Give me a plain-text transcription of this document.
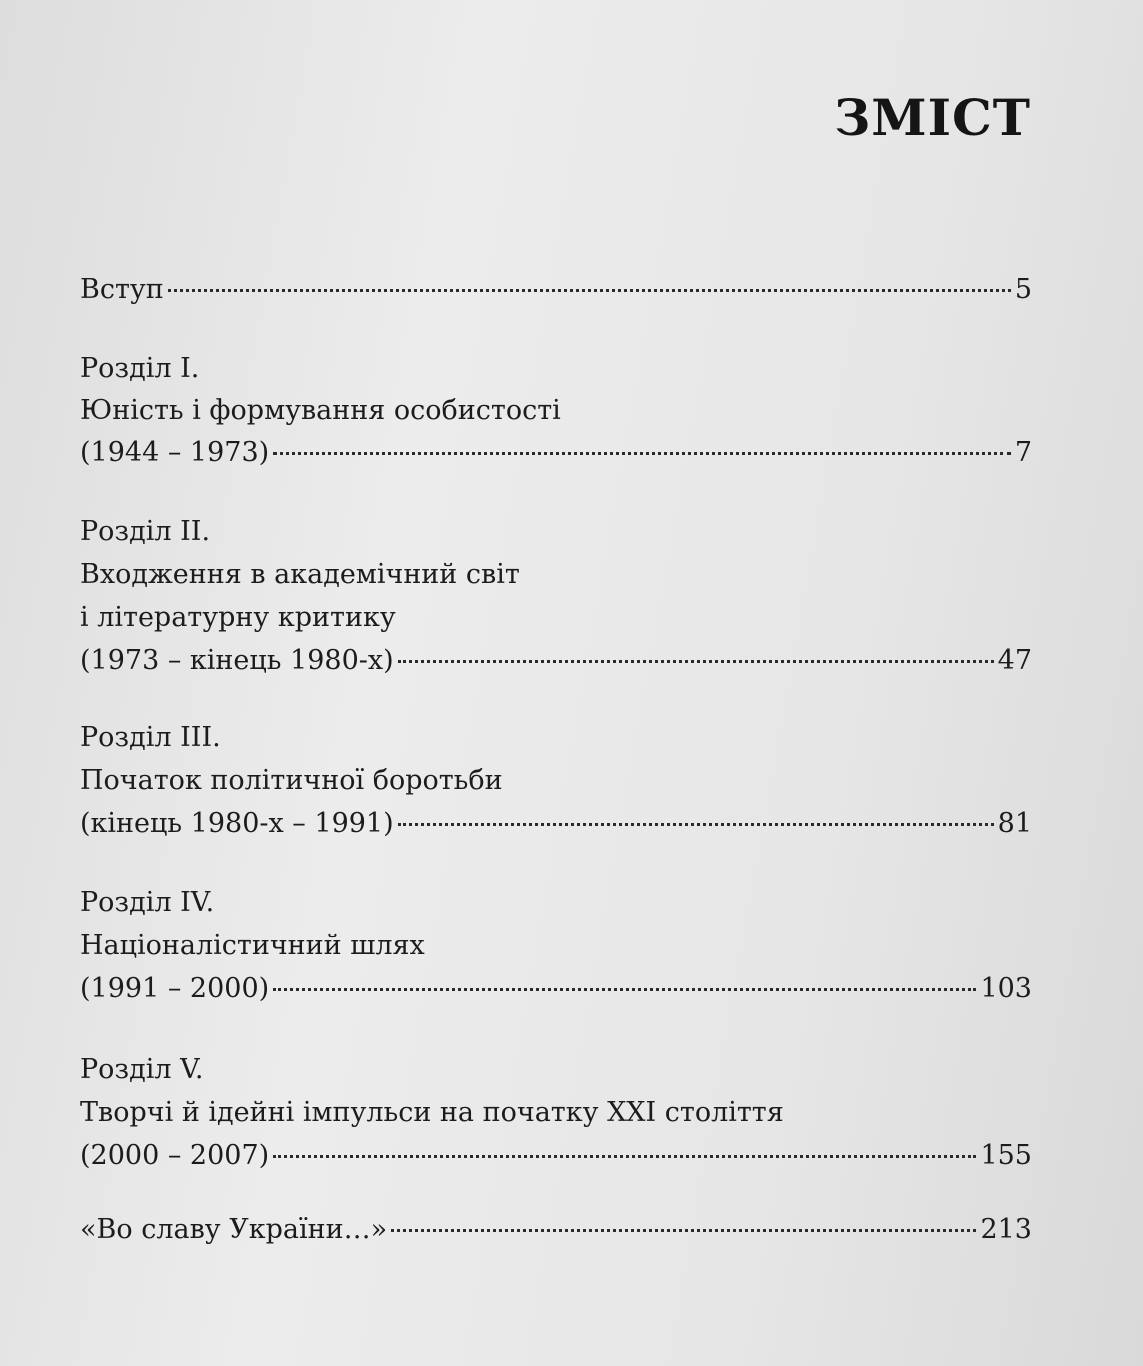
ЗМІСТ
Вступ	5
Розділ І.
Юність і формування особистості
(1944 – 1973)	7
Розділ ІІ.
Входження в академічний світ
і літературну критику
(1973 – кінець 1980-х)	47
Розділ ІІІ.
Початок політичної боротьби
(кінець 1980-х – 1991)	81
Розділ IV.
Націоналістичний шлях
(1991 – 2000)	103
Розділ V.
Творчі й ідейні імпульси на початку XXI століття
(2000 – 2007)	155
«Во славу України…»	213
